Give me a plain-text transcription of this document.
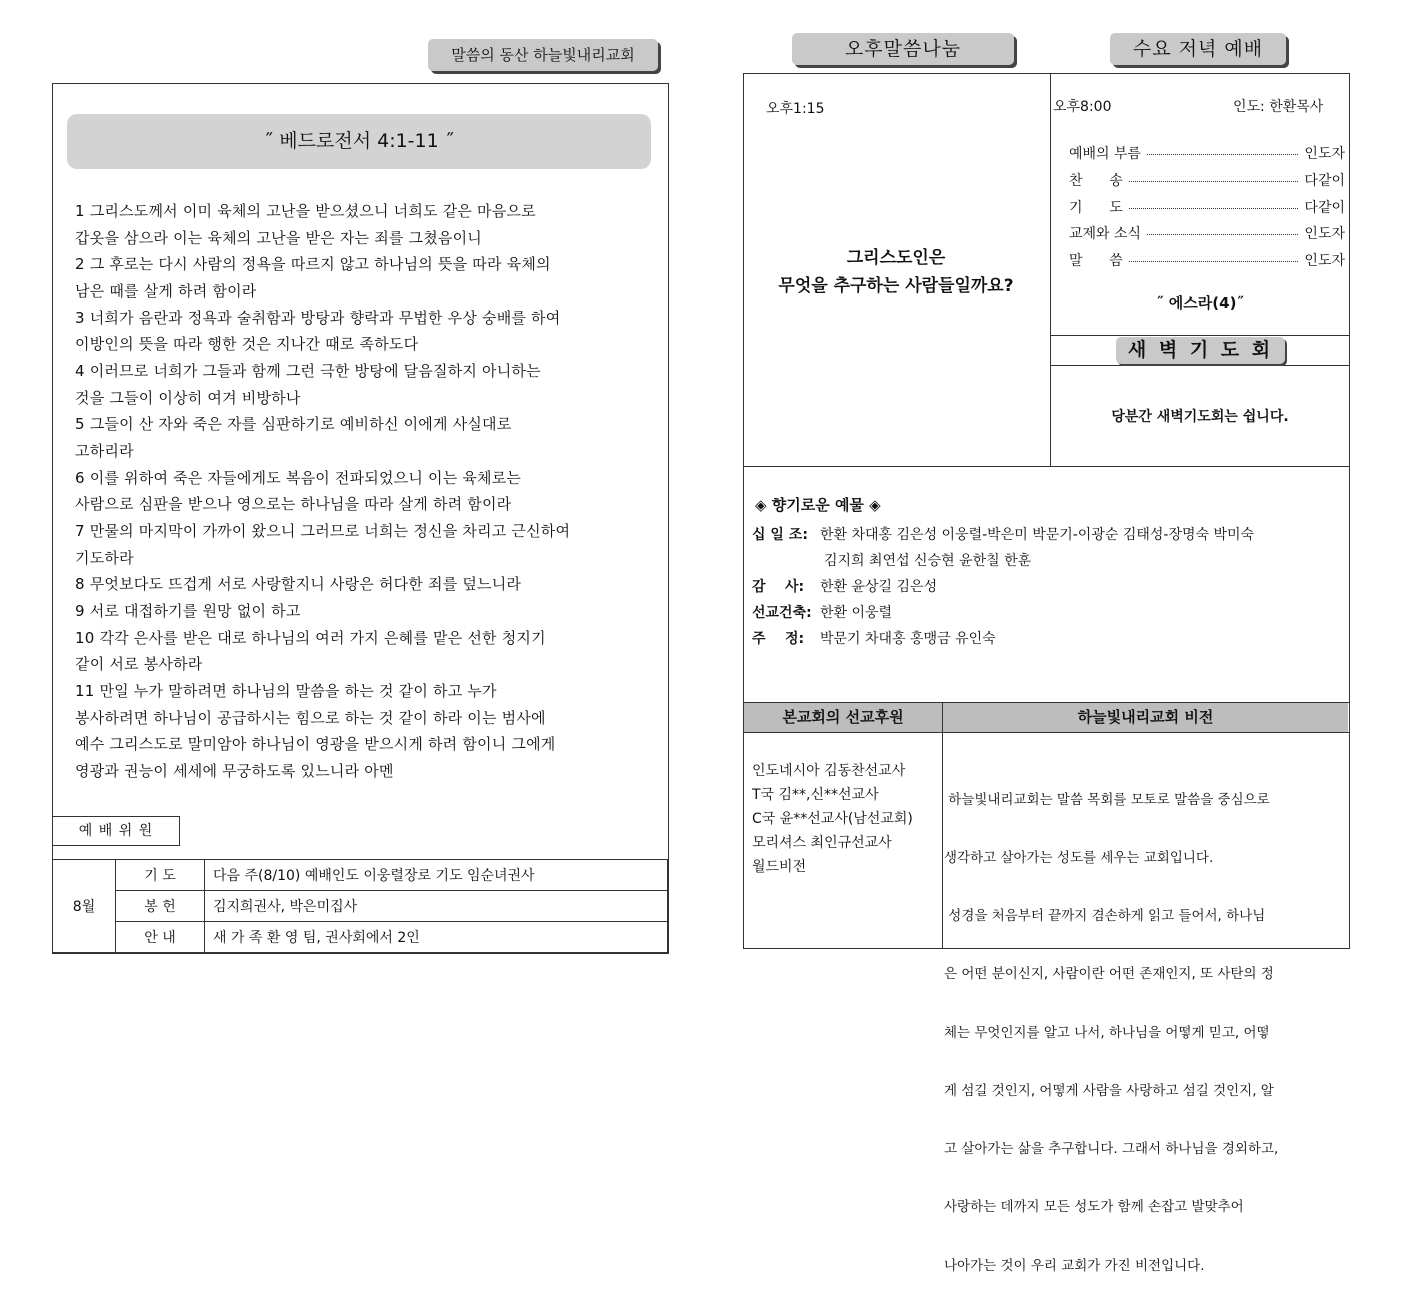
말씀의 동산 하늘빛내리교회
˝ 베드로전서 4:1-11 ˝
1 그리스도께서 이미 육체의 고난을 받으셨으니 너희도 같은 마음으로
갑옷을 삼으라 이는 육체의 고난을 받은 자는 죄를 그쳤음이니
2 그 후로는 다시 사람의 정욕을 따르지 않고 하나님의 뜻을 따라 육체의
남은 때를 살게 하려 함이라
3 너희가 음란과 정욕과 술취함과 방탕과 향락과 무법한 우상 숭배를 하여
이방인의 뜻을 따라 행한 것은 지나간 때로 족하도다
4 이러므로 너희가 그들과 함께 그런 극한 방탕에 달음질하지 아니하는
것을 그들이 이상히 여겨 비방하나
5 그들이 산 자와 죽은 자를 심판하기로 예비하신 이에게 사실대로
고하리라
6 이를 위하여 죽은 자들에게도 복음이 전파되었으니 이는 육체로는
사람으로 심판을 받으나 영으로는 하나님을 따라 살게 하려 함이라
7 만물의 마지막이 가까이 왔으니 그러므로 너희는 정신을 차리고 근신하여
기도하라
8 무엇보다도 뜨겁게 서로 사랑할지니 사랑은 허다한 죄를 덮느니라
9 서로 대접하기를 원망 없이 하고
10 각각 은사를 받은 대로 하나님의 여러 가지 은혜를 맡은 선한 청지기
같이 서로 봉사하라
11 만일 누가 말하려면 하나님의 말씀을 하는 것 같이 하고 누가
봉사하려면 하나님이 공급하시는 힘으로 하는 것 같이 하라 이는 범사에
예수 그리스도로 말미암아 하나님이 영광을 받으시게 하려 함이니 그에게
영광과 권능이 세세에 무궁하도록 있느니라 아멘
예 배 위 원
8월	기 도	다음 주(8/10) 예배인도 이웅렬장로 기도 임순녀권사
	봉 헌	김지희권사, 박은미집사
	안 내	새 가 족 환 영 팀, 권사회에서 2인
오후말씀나눔	수요 저녁 예배
오후1:15
그리스도인은
무엇을 추구하는 사람들일까요?
오후8:00	인도: 한환목사
예배의 부름	인도자
찬      송	다같이
기      도	다같이
교제와 소식	인도자
말      씀	인도자
˝ 에스라(4)˝
새 벽 기 도 회
당분간 새벽기도회는 쉽니다.
◈ 향기로운 예물 ◈
십 일 조: 한환 차대홍 김은성 이웅렬-박은미 박문기-이광순 김태성-장명숙 박미숙
김지희 최연섭 신승현 윤한칠 한훈
감    사: 한환 윤상길 김은성
선교건축: 한환 이웅렬
주    정: 박문기 차대홍 홍맹금 유인숙
본교회의 선교후원	하늘빛내리교회 비전
인도네시아 김동찬선교사
T국 김**,신**선교사
C국 윤**선교사(남선교회)
모리셔스 최인규선교사
월드비전

하늘빛내리교회는 말씀 목회를 모토로 말씀을 중심으로

생각하고 살아가는 성도를 세우는 교회입니다.

성경을 처음부터 끝까지 겸손하게 읽고 들어서, 하나님

은 어떤 분이신지, 사람이란 어떤 존재인지, 또 사탄의 정

체는 무엇인지를 알고 나서, 하나님을 어떻게 믿고, 어떻

게 섬길 것인지, 어떻게 사람을 사랑하고 섬길 것인지, 알

고 살아가는 삶을 추구합니다. 그래서 하나님을 경외하고,

사랑하는 데까지 모든 성도가 함께 손잡고 발맞추어

나아가는 것이 우리 교회가 가진 비전입니다.
